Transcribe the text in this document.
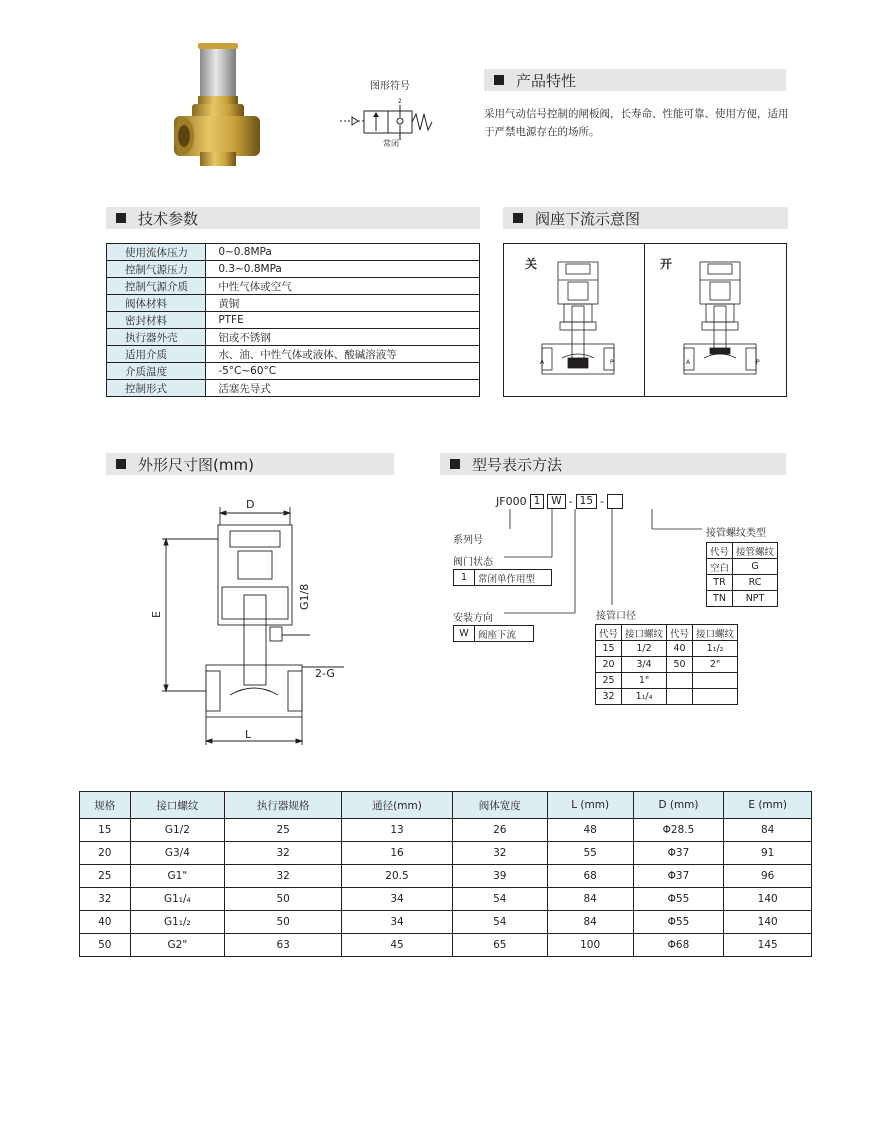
图形符号
2
1
常闭
产品特性
采用气动信号控制的闸板阀，长寿命、性能可靠、使用方便，适用
于严禁电源存在的场所。
技术参数
使用流体压力	0~0.8MPa
控制气源压力	0.3~0.8MPa
控制气源介质	中性气体或空气
阀体材料	黄铜
密封材料	PTFE
执行器外壳	铝或不锈钢
适用介质	水、油、中性气体或液体、酸碱溶液等
介质温度	-5°C~60°C
控制形式	活塞先导式
阀座下流示意图
关	开
A	P	A	P
外形尺寸图(mm)
D
E
L
G1/8
2-G
型号表示方法
JF000 1	W - 15 -
系列号
阀门状态
1	常闭单作用型
安装方向
W	阀座下流
接管口径
代号	接口螺纹	代号	接口螺纹
15	1/2	40	1₁/₂
20	3/4	50	2"
25	1"		
32	1₁/₄		
接管螺纹类型
代号	接管螺纹
空白	G
TR	RC
TN	NPT
规格	接口螺纹	执行器规格	通径(mm)	阀体宽度	L (mm)	D (mm)	E (mm)
15	G1/2	25	13	26	48	Φ28.5	84
20	G3/4	32	16	32	55	Φ37	91
25	G1"	32	20.5	39	68	Φ37	96
32	G1₁/₄	50	34	54	84	Φ55	140
40	G1₁/₂	50	34	54	84	Φ55	140
50	G2"	63	45	65	100	Φ68	145
